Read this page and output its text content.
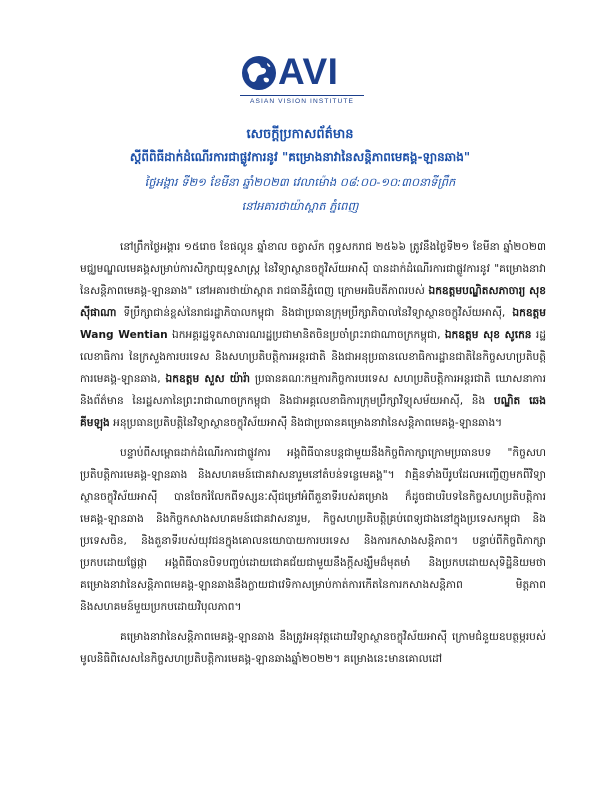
AVI
ASIAN VISION INSTITUTE
សេចក្ដីប្រកាសព័ត៌មាន
ស្ដីពីពិធីដាក់ដំណើរការជាផ្លូវការនូវ "គម្រោងនាវានៃសន្តិភាពមេគង្គ-ឡានឆាង"
ថ្ងៃអង្គារ ទី២១ ខែមីនា ឆ្នាំ២០២៣ វេលាម៉ោង ០៨:០០-១០:៣០នាទីព្រឹក
នៅអគារថាយ៉ាស្ពាត ភ្នំពេញ

នៅព្រឹកថ្ងៃអង្គារ ១៥រោច ខែផល្គុន ឆ្នាំខាល ចត្វាស័ក ពុទ្ធសករាជ ២៥៦៦ ត្រូវនឹងថ្ងៃទី២១ ខែមីនា ឆ្នាំ២០២៣ មជ្ឈមណ្ឌលមេគង្គសម្រាប់ការសិក្សាយុទ្ធសាស្ត្រ នៃវិទ្យាស្ថានចក្ខុវិស័យអាស៊ី បានដាក់ដំណើរការជាផ្លូវការនូវ "គម្រោងនាវានៃសន្តិភាពមេគង្គ-ឡានឆាង" នៅអគារថាយ៉ាស្ពាត រាជធានីភ្នំពេញ ក្រោមអធិបតីភាពរបស់ ឯកឧត្តមបណ្ឌិតសភាចារ្យ សុខ ស៊ីផាណា ទីប្រឹក្សាជាន់ខ្ពស់នៃរាជរដ្ឋាភិបាលកម្ពុជា និងជាប្រធានក្រុមប្រឹក្សាភិបាលនៃវិទ្យាស្ថានចក្ខុវិស័យអាស៊ី, ឯកឧត្តម Wang Wentian ឯកអគ្គរដ្ឋទូតសាធារណរដ្ឋប្រជាមានិតចិនប្រចាំព្រះរាជាណាចក្រកម្ពុជា, ឯកឧត្តម សុខ សូកេន រដ្ឋលេខាធិការ នៃក្រសួងការបរទេស និងសហប្រតិបត្តិការអន្តរជាតិ និងជាអនុប្រធានលេខាធិការដ្ឋានជាតិនៃកិច្ចសហប្រតិបត្តិការមេគង្គ-ឡានឆាង, ឯកឧត្តម សួស យ៉ារ៉ា ប្រធានគណៈកម្មការកិច្ចការបរទេស សហប្រតិបត្តិការអន្តរជាតិ ឃោសនាការ និងព័ត៌មាន នៃរដ្ឋសភានៃព្រះរាជាណាចក្រកម្ពុជា និងជាអគ្គលេខាធិការក្រុមប្រឹក្សាវិទ្យុសម័យអាស៊ី, និង បណ្ឌិត ឆេង គីមឡុង អនុប្រធានប្រតិបត្តិនៃវិទ្យាស្ថានចក្ខុវិស័យអាស៊ី និងជាប្រធានគម្រោងនាវានៃសន្តិភាពមេគង្គ-ឡានឆាង។

បន្ទាប់ពីសម្ពោធដាក់ដំណើរការជាផ្លូវការ អង្គពិធីបានបន្តជាមួយនឹងកិច្ចពិភាក្សាក្រោមប្រធានបទ "កិច្ចសហប្រតិបត្តិការមេគង្គ-ឡានឆាង និងសហគមន៍ជោគវាសនារួមនៅតំបន់ទន្លេមេគង្គ"។ វាគ្មិនទាំងបីរូបដែលអញ្ជើញមកពីវិទ្យាស្ថានចក្ខុវិស័យអាស៊ី បានចែករំលែកពីទស្សនៈស៊ីជម្រៅអំពីតួនាទីរបស់គម្រោង ក៏ដូចជាបរិបទនៃកិច្ចសហប្រតិបត្តិការមេគង្គ-ឡានឆាង និងកិច្ចកសាងសហគមន៍ជោគវាសនារួម, កិច្ចសហប្រតិបត្តិគ្រប់ពេទ្យជាងនៅក្នុងប្រទេសកម្ពុជា និងប្រទេសចិន, និងតួនាទីរបស់យុវជនក្នុងគោលនយោបាយការបរទេស និងការកសាងសន្តិភាព។ បន្ទាប់ពីកិច្ចពិភាក្សាប្រកបដោយផ្លែផ្កា អង្គពិធីបានបិទបញ្ចប់ដោយជោគជ័យជាមួយនឹងក្ដីសង្ឃឹមដ៏មុតមាំ និងប្រកបដោយសុទិដ្ឋិនិយមថា គម្រោងនាវានៃសន្តិភាពមេគង្គ-ឡានឆាងនឹងក្លាយជាវេទិកាសម្រាប់កាត់ការកើតនៃការកសាងសន្តិភាព មិត្តភាព និងសហគមន៍មួយប្រកបដោយវិបុលភាព។

គម្រោងនាវានៃសន្តិភាពមេគង្គ-ឡានឆាង នឹងត្រូវអនុវត្តដោយវិទ្យាស្ថានចក្ខុវិស័យអាស៊ី ក្រោមជំនួយឧបត្ថម្ភរបស់មូលនិធិពិសេសនៃកិច្ចសហប្រតិបត្តិការមេគង្គ-ឡានឆាងឆ្នាំ២០២២។ គម្រោងនេះមានគោលដៅ
